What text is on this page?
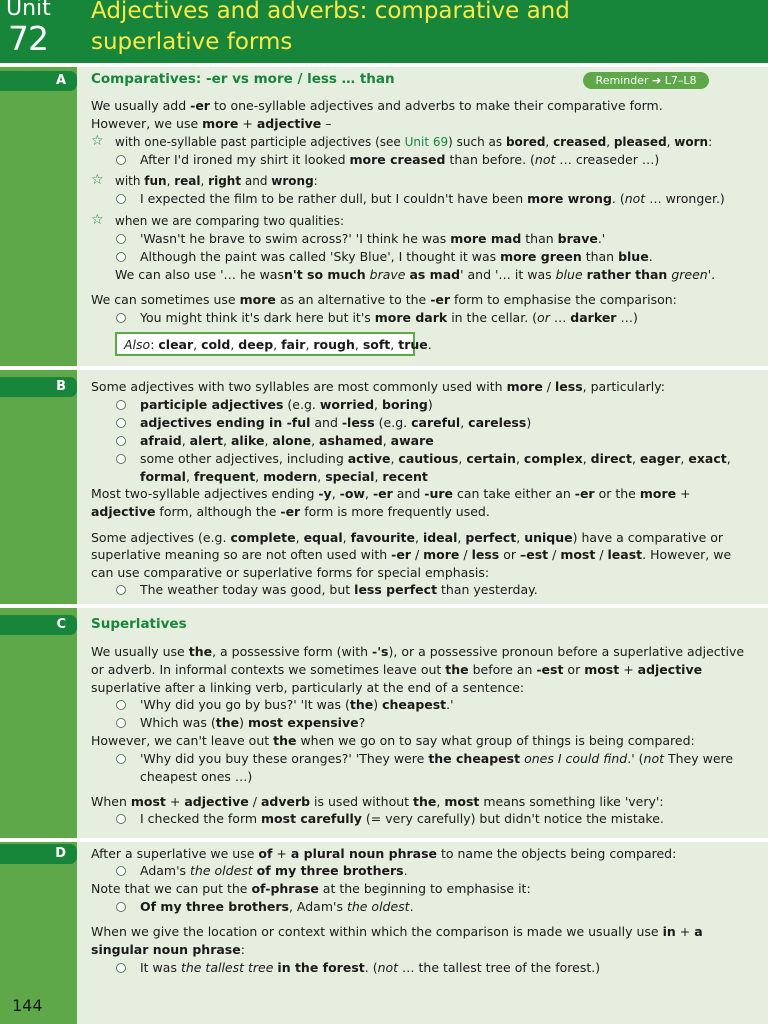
Unit
72
Adjectives and adverbs: comparative and
superlative forms
A	Comparatives: -er vs more / less … than	Reminder ➜ L7–L8
We usually add -er to one-syllable adjectives and adverbs to make their comparative form.
However, we use more + adjective –
☆ with one-syllable past participle adjectives (see Unit 69) such as bored, creased, pleased, worn:
After I'd ironed my shirt it looked more creased than before. (not … creaseder …)
☆ with fun, real, right and wrong:
I expected the film to be rather dull, but I couldn't have been more wrong. (not … wronger.)
☆ when we are comparing two qualities:
'Wasn't he brave to swim across?' 'I think he was more mad than brave.'
Although the paint was called 'Sky Blue', I thought it was more green than blue.
We can also use '… he wasn't so much brave as mad' and '… it was blue rather than green'.
We can sometimes use more as an alternative to the -er form to emphasise the comparison:
You might think it's dark here but it's more dark in the cellar. (or … darker …)
Also: clear, cold, deep, fair, rough, soft, true.
B	Some adjectives with two syllables are most commonly used with more / less, particularly:
participle adjectives (e.g. worried, boring)
adjectives ending in -ful and -less (e.g. careful, careless)
afraid, alert, alike, alone, ashamed, aware
some other adjectives, including active, cautious, certain, complex, direct, eager, exact,
formal, frequent, modern, special, recent
Most two-syllable adjectives ending -y, -ow, -er and -ure can take either an -er or the more +
adjective form, although the -er form is more frequently used.
Some adjectives (e.g. complete, equal, favourite, ideal, perfect, unique) have a comparative or
superlative meaning so are not often used with -er / more / less or –est / most / least. However, we
can use comparative or superlative forms for special emphasis:
The weather today was good, but less perfect than yesterday.
C	Superlatives
We usually use the, a possessive form (with -'s), or a possessive pronoun before a superlative adjective
or adverb. In informal contexts we sometimes leave out the before an -est or most + adjective
superlative after a linking verb, particularly at the end of a sentence:
'Why did you go by bus?' 'It was (the) cheapest.'
Which was (the) most expensive?
However, we can't leave out the when we go on to say what group of things is being compared:
'Why did you buy these oranges?' 'They were the cheapest ones I could find.' (not They were
cheapest ones …)
When most + adjective / adverb is used without the, most means something like 'very':
I checked the form most carefully (= very carefully) but didn't notice the mistake.
D	After a superlative we use of + a plural noun phrase to name the objects being compared:
Adam's the oldest of my three brothers.
Note that we can put the of-phrase at the beginning to emphasise it:
Of my three brothers, Adam's the oldest.
When we give the location or context within which the comparison is made we usually use in + a
singular noun phrase:
It was the tallest tree in the forest. (not … the tallest tree of the forest.)
144
